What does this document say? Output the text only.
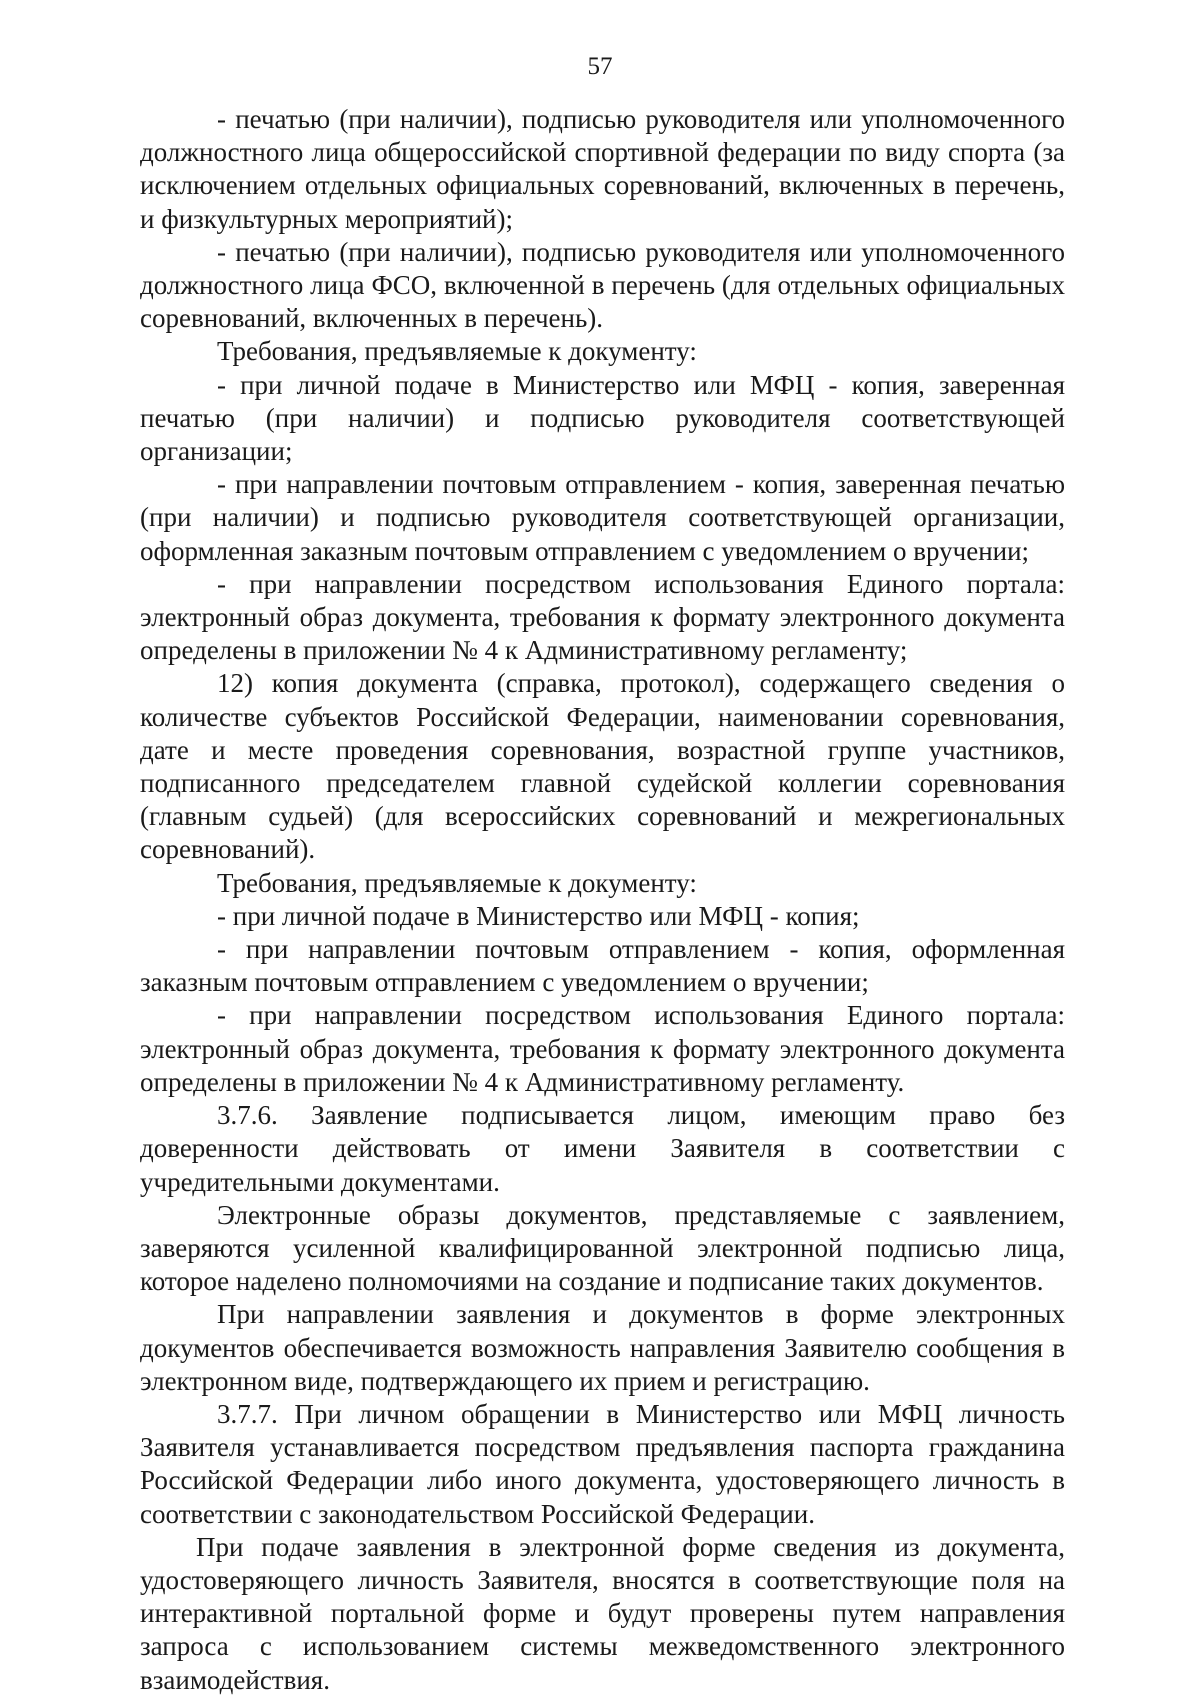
57

- печатью (при наличии), подписью руководителя или уполномоченного должностного лица общероссийской спортивной федерации по виду спорта (за исключением отдельных официальных соревнований, включенных в перечень, и физкультурных мероприятий);

- печатью (при наличии), подписью руководителя или уполномоченного должностного лица ФСО, включенной в перечень (для отдельных официальных соревнований, включенных в перечень).

Требования, предъявляемые к документу:

- при личной подаче в Министерство или МФЦ - копия, заверенная печатью (при наличии) и подписью руководителя соответствующей организации;

- при направлении почтовым отправлением - копия, заверенная печатью (при наличии) и подписью руководителя соответствующей организации, оформленная заказным почтовым отправлением с уведомлением о вручении;

- при направлении посредством использования Единого портала: электронный образ документа, требования к формату электронного документа определены в приложении № 4 к Административному регламенту;

12) копия документа (справка, протокол), содержащего сведения о количестве субъектов Российской Федерации, наименовании соревнования, дате и месте проведения соревнования, возрастной группе участников, подписанного председателем главной судейской коллегии соревнования (главным судьей) (для всероссийских соревнований и межрегиональных соревнований).

Требования, предъявляемые к документу:

- при личной подаче в Министерство или МФЦ - копия;

- при направлении почтовым отправлением - копия, оформленная заказным почтовым отправлением с уведомлением о вручении;

- при направлении посредством использования Единого портала: электронный образ документа, требования к формату электронного документа определены в приложении № 4 к Административному регламенту.

3.7.6. Заявление подписывается лицом, имеющим право без доверенности действовать от имени Заявителя в соответствии с учредительными документами.

Электронные образы документов, представляемые с заявлением, заверяются усиленной квалифицированной электронной подписью лица, которое наделено полномочиями на создание и подписание таких документов.

При направлении заявления и документов в форме электронных документов обеспечивается возможность направления Заявителю сообщения в электронном виде, подтверждающего их прием и регистрацию.

3.7.7. При личном обращении в Министерство или МФЦ личность Заявителя устанавливается посредством предъявления паспорта гражданина Российской Федерации либо иного документа, удостоверяющего личность в соответствии с законодательством Российской Федерации.

При подаче заявления в электронной форме сведения из документа, удостоверяющего личность Заявителя, вносятся в соответствующие поля на интерактивной портальной форме и будут проверены путем направления запроса с использованием системы межведомственного электронного взаимодействия.
